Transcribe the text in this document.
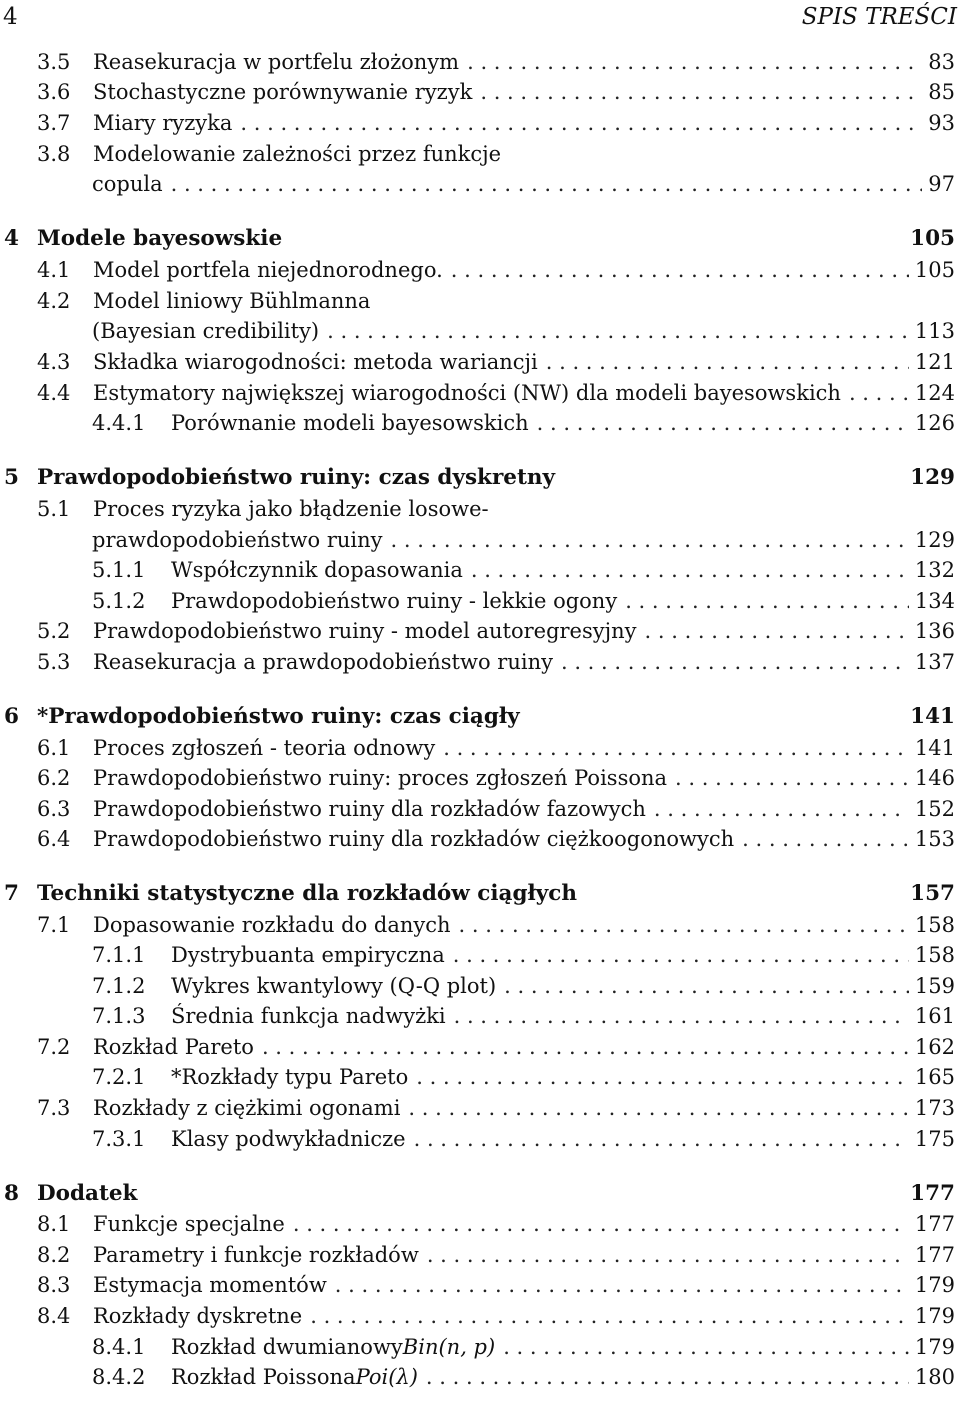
4	SPIS TREŚCI
3.5	Reasekuracja w portfelu złożonym . . .	83
3.6	Stochastyczne porównywanie ryzyk . . .	85
3.7	Miary ryzyka . . .	93
3.8	Modelowanie zależności przez funkcje
copula . . .	97
4 Modele bayesowskie	105
4.1	Model portfela niejednorodnego. . . .	105
4.2	Model liniowy Bühlmanna
(Bayesian credibility) . . .	113
4.3	Składka wiarogodności: metoda wariancji . . .	121
4.4	Estymatory największej wiarogodności (NW) dla modeli bayesowskich . . .	124
4.4.1	Porównanie modeli bayesowskich . . .	126
5 Prawdopodobieństwo ruiny: czas dyskretny	129
5.1	Proces ryzyka jako błądzenie losowe-
prawdopodobieństwo ruiny . . .	129
5.1.1	Współczynnik dopasowania . . .	132
5.1.2	Prawdopodobieństwo ruiny - lekkie ogony . . .	134
5.2	Prawdopodobieństwo ruiny - model autoregresyjny . . .	136
5.3	Reasekuracja a prawdopodobieństwo ruiny . . .	137
6 *Prawdopodobieństwo ruiny: czas ciągły	141
6.1	Proces zgłoszeń - teoria odnowy . . .	141
6.2	Prawdopodobieństwo ruiny: proces zgłoszeń Poissona . . .	146
6.3	Prawdopodobieństwo ruiny dla rozkładów fazowych . . .	152
6.4	Prawdopodobieństwo ruiny dla rozkładów ciężkoogonowych . . .	153
7 Techniki statystyczne dla rozkładów ciągłych	157
7.1	Dopasowanie rozkładu do danych . . .	158
7.1.1	Dystrybuanta empiryczna . . .	158
7.1.2	Wykres kwantylowy (Q-Q plot) . . .	159
7.1.3	Średnia funkcja nadwyżki . . .	161
7.2	Rozkład Pareto . . .	162
7.2.1	*Rozkłady typu Pareto . . .	165
7.3	Rozkłady z ciężkimi ogonami . . .	173
7.3.1	Klasy podwykładnicze . . .	175
8 Dodatek	177
8.1	Funkcje specjalne . . .	177
8.2	Parametry i funkcje rozkładów . . .	177
8.3	Estymacja momentów . . .	179
8.4	Rozkłady dyskretne . . .	179
8.4.1	Rozkład dwumianowy Bin(n, p) . . .	179
8.4.2	Rozkład Poissona Poi(λ) . . .	180
